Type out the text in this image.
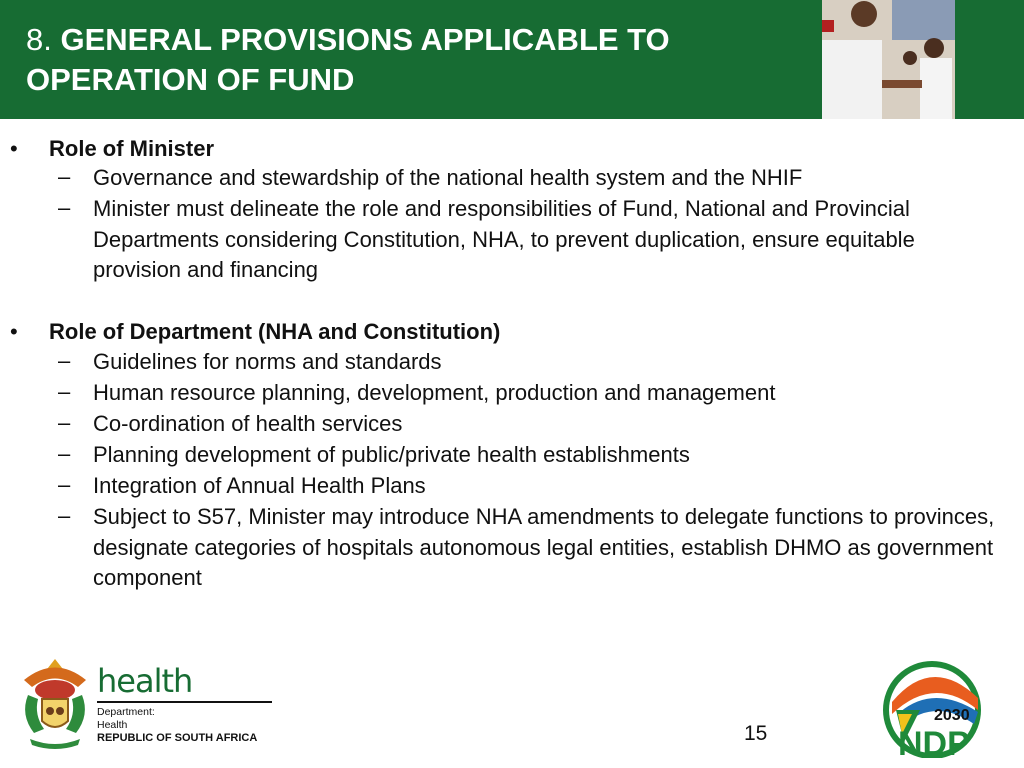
8. GENERAL PROVISIONS APPLICABLE TO
OPERATION OF FUND
• Role of Minister
– Governance and stewardship of the national health system and the NHIF
– Minister must delineate the role and responsibilities of Fund, National and Provincial Departments considering Constitution, NHA, to prevent duplication, ensure equitable provision and financing
• Role of Department (NHA and Constitution)
– Guidelines for norms and standards
– Human resource planning, development, production and management
– Co-ordination of health services
– Planning development of public/private health establishments
– Integration of Annual Health Plans
– Subject to S57, Minister may introduce NHA amendments to delegate functions to provinces, designate categories of hospitals autonomous legal entities, establish DHMO as government component
health
Department:
Health
REPUBLIC OF SOUTH AFRICA	15
2030
NDP
